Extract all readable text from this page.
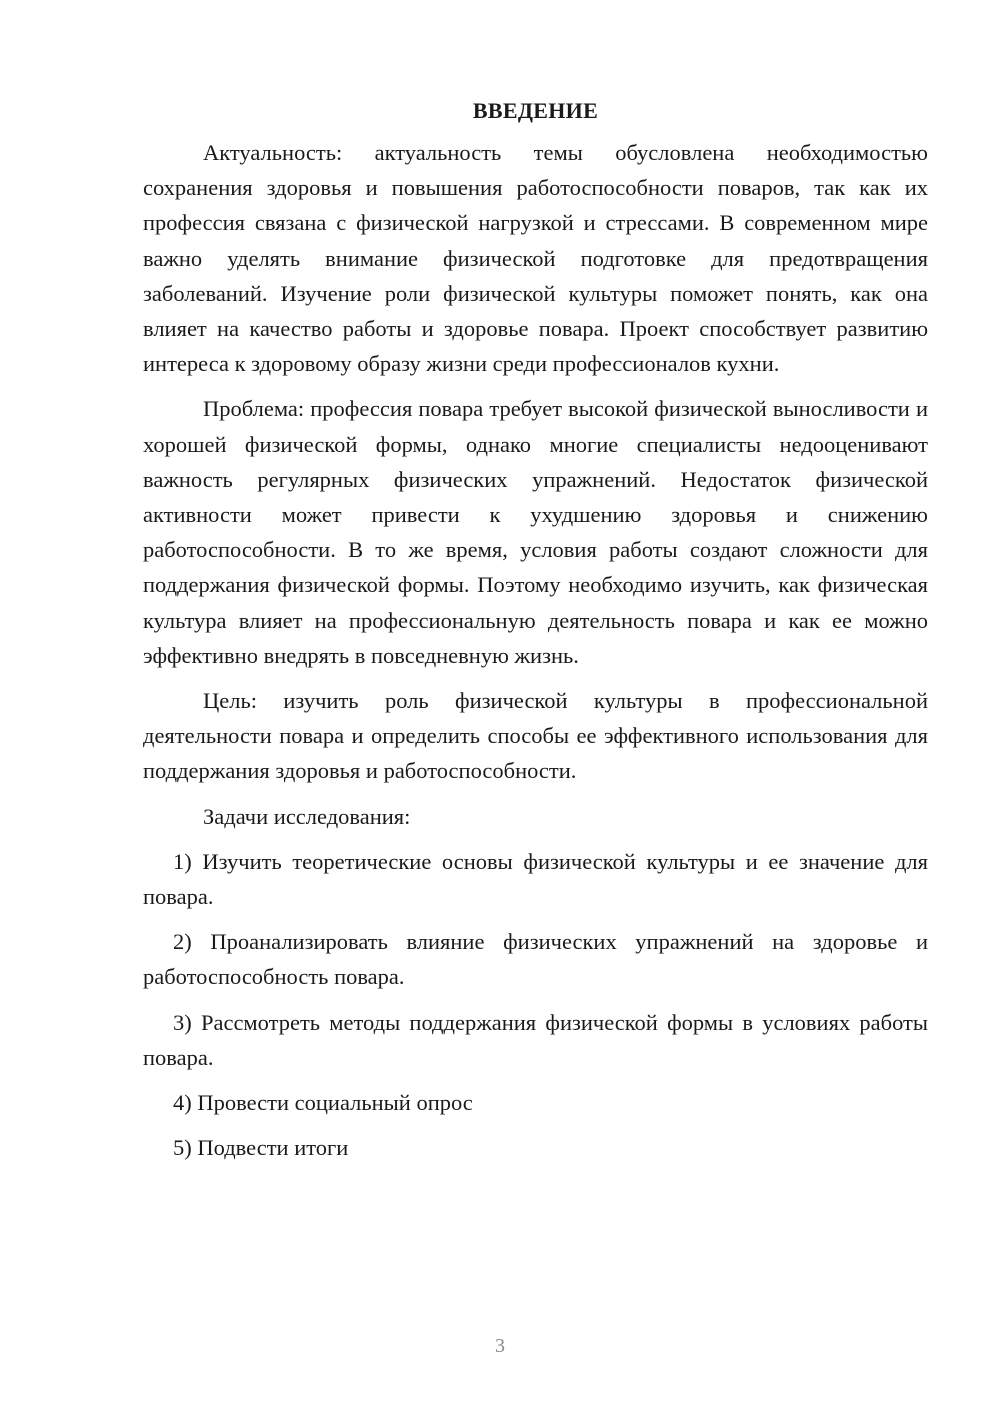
ВВЕДЕНИЕ

Актуальность: актуальность темы обусловлена необходимостью сохранения здоровья и повышения работоспособности поваров, так как их профессия связана с физической нагрузкой и стрессами. В современном мире важно уделять внимание физической подготовке для предотвращения заболеваний. Изучение роли физической культуры поможет понять, как она влияет на качество работы и здоровье повара. Проект способствует развитию интереса к здоровому образу жизни среди профессионалов кухни.

Проблема: профессия повара требует высокой физической выносливости и хорошей физической формы, однако многие специалисты недооценивают важность регулярных физических упражнений. Недостаток физической активности может привести к ухудшению здоровья и снижению работоспособности. В то же время, условия работы создают сложности для поддержания физической формы. Поэтому необходимо изучить, как физическая культура влияет на профессиональную деятельность повара и как ее можно эффективно внедрять в повседневную жизнь.

Цель: изучить роль физической культуры в профессиональной деятельности повара и определить способы ее эффективного использования для поддержания здоровья и работоспособности.

Задачи исследования:

1) Изучить теоретические основы физической культуры и ее значение для повара.

2) Проанализировать влияние физических упражнений на здоровье и работоспособность повара.

3) Рассмотреть методы поддержания физической формы в условиях работы повара.

4) Провести социальный опрос

5) Подвести итоги

3
